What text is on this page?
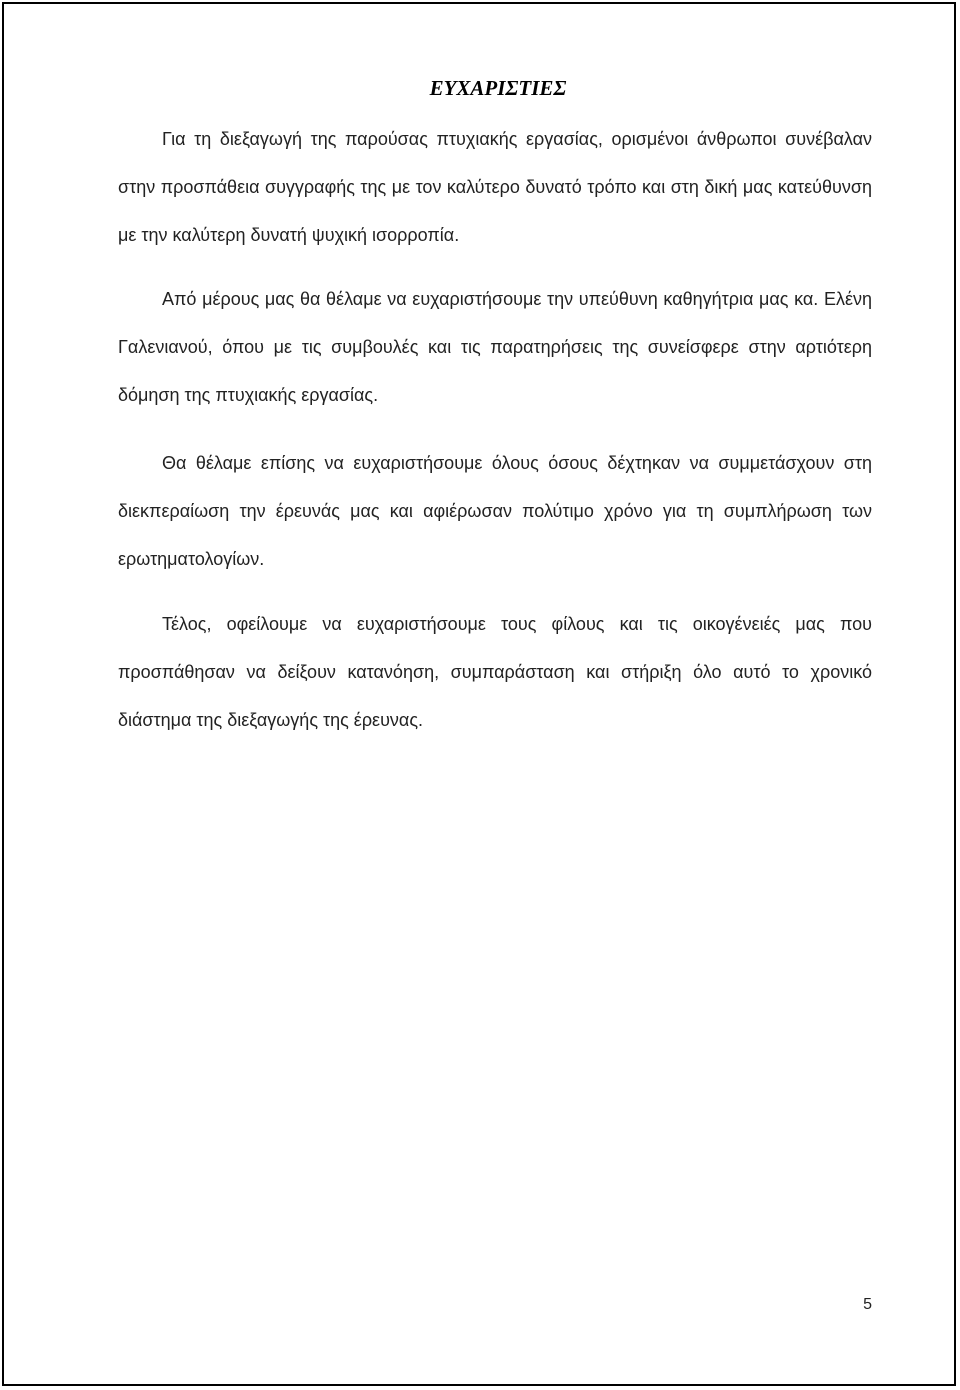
ΕΥΧΑΡΙΣΤΙΕΣ

Για τη διεξαγωγή της παρούσας πτυχιακής εργασίας, ορισμένοι άνθρωποι συνέβαλαν στην προσπάθεια συγγραφής της με τον καλύτερο δυνατό τρόπο και στη δική μας κατεύθυνση με την καλύτερη δυνατή ψυχική ισορροπία.

Από μέρους μας θα θέλαμε να ευχαριστήσουμε την υπεύθυνη καθηγήτρια μας κα. Ελένη Γαλενιανού, όπου με τις συμβουλές και τις παρατηρήσεις της συνείσφερε στην αρτιότερη δόμηση της πτυχιακής εργασίας.

Θα θέλαμε επίσης να ευχαριστήσουμε όλους όσους δέχτηκαν να συμμετάσχουν στη διεκπεραίωση την έρευνάς μας και αφιέρωσαν πολύτιμο χρόνο για τη συμπλήρωση των ερωτηματολογίων.

Τέλος, οφείλουμε να ευχαριστήσουμε τους φίλους και τις οικογένειές μας που προσπάθησαν να δείξουν κατανόηση, συμπαράσταση και στήριξη όλο αυτό το χρονικό διάστημα της διεξαγωγής της έρευνας.

5
